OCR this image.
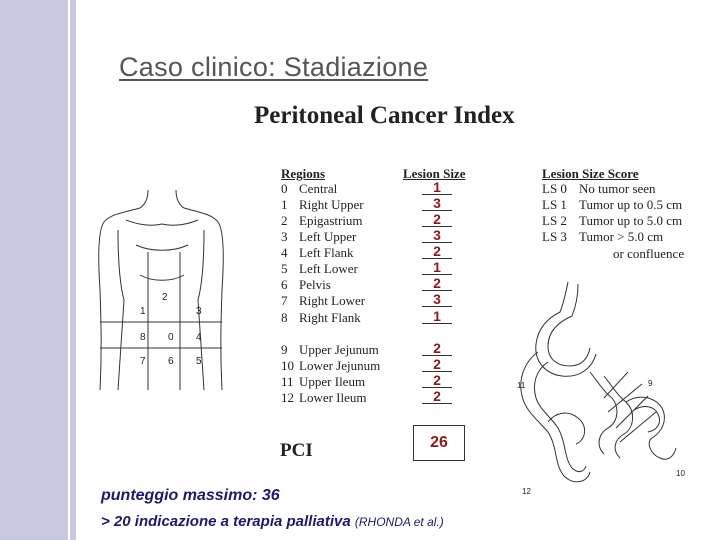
Caso clinico: Stadiazione
Peritoneal Cancer Index
Regions	Lesion Size	Lesion Size Score
0 Central	1
1 Right Upper	3
2 Epigastrium	2
3 Left Upper	3
4 Left Flank	2
5 Left Lower	1
6 Pelvis	2
7 Right Lower	3
8 Right Flank	1
9 Upper Jejunum	2
10 Lower Jejunum	2
11 Upper Ileum	2
12 Lower Ileum	2
LS 0 No tumor seen
LS 1 Tumor up to 0.5 cm
LS 2 Tumor up to 5.0 cm
LS 3 Tumor > 5.0 cm
or confluence
PCI	26
1
2
3
8 0 4
7 6 5
11	9
12
10
punteggio massimo: 36
> 20 indicazione a terapia palliativa (RHONDA et al.)
